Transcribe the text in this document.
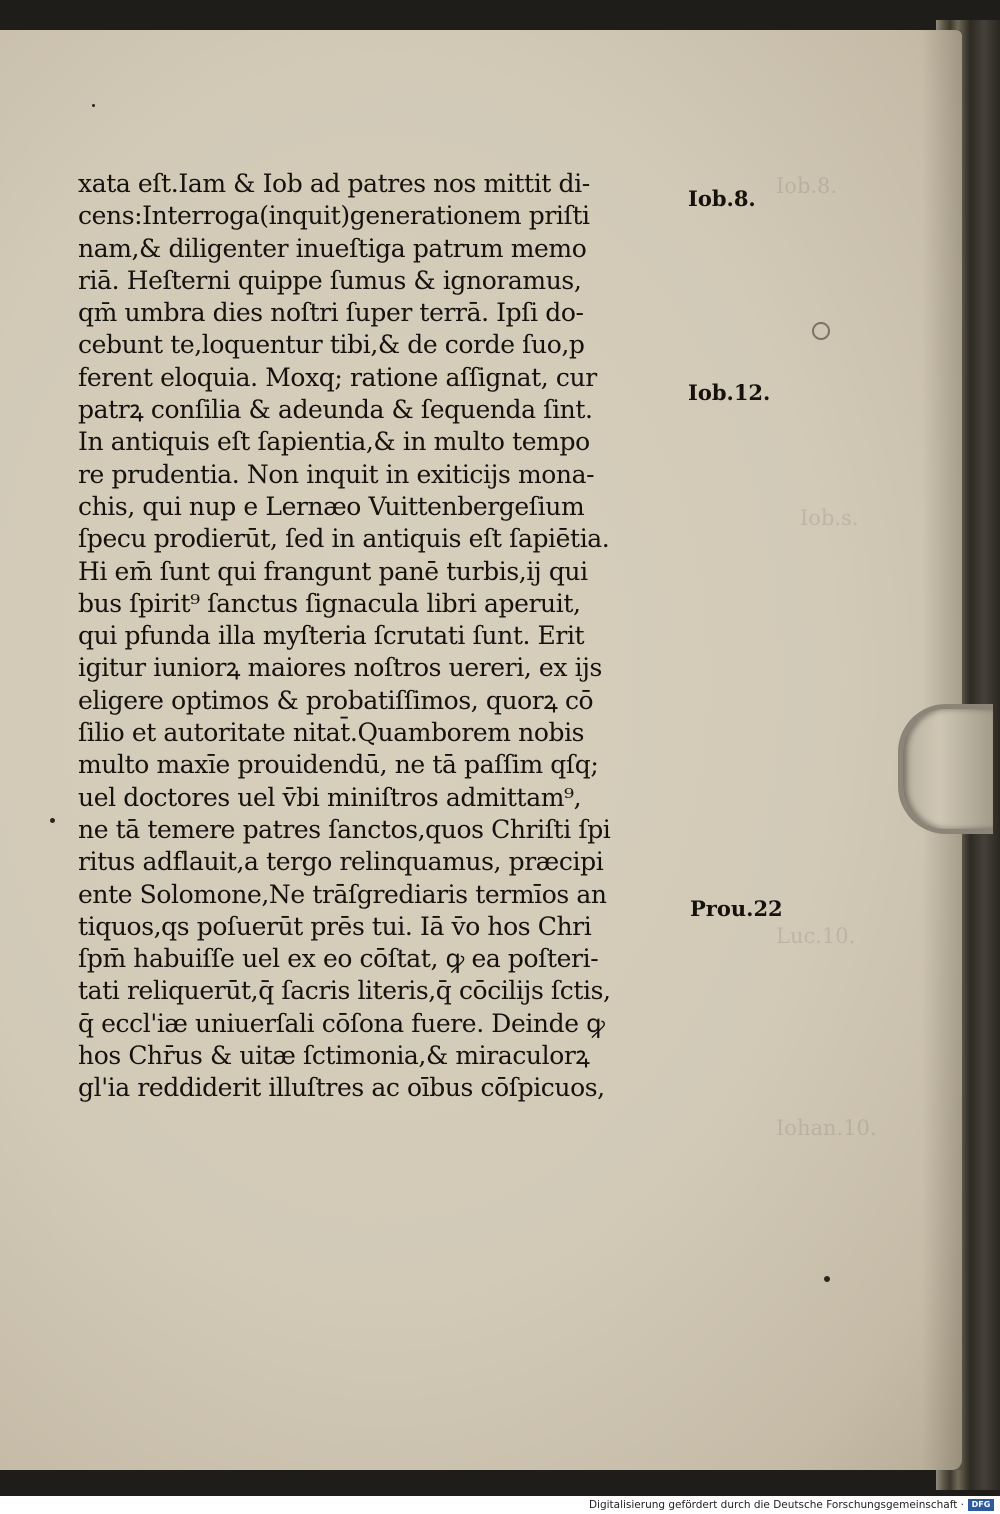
Iob.8.
Iob.s.
Luc.10.
Iohan.10.
xata eſt.Iam & Iob ad patres nos mittit di-
cens:Interroga(inquit)generationem priſti
nam,& diligenter inueſtiga patrum memo
riā. Heſterni quippe ſumus & ignoramus,
qm̄ umbra dies noſtri ſuper terrā. Ipſi do-
cebunt te,loquentur tibi,& de corde ſuo,p
ferent eloquia. Moxq; ratione aſſignat, cur
patrꝝ conſilia & adeunda & ſequenda ſint.
In antiquis eſt ſapientia,& in multo tempo
re prudentia. Non inquit in exiticijs mona-
chis, qui nup e Lernæo Vuittenbergeſium
ſpecu prodierūt, ſed in antiquis eſt ſapiētia.
Hi em̄ ſunt qui frangunt panē turbis,ij qui
bus ſpirit⁹ ſanctus ſignacula libri aperuit,
qui pfunda illa myſteria ſcrutati ſunt. Erit
igitur iuniorꝝ maiores noſtros uereri, ex ijs
eligere optimos & probatiſſimos, quorꝝ cō
ſilio et autoritate nitat̄.Quamborem nobis
multo maxīe prouidendū, ne tā paſſim qſq;
uel doctores uel v̄bi miniſtros admittam⁹,
ne tā temere patres ſanctos,quos Chriſti ſpi
ritus adflauit,a tergo relinquamus, præcipi
ente Solomone,Ne trāſgrediaris termīos an
tiquos,qs poſuerūt prēs tui. Iā v̄o hos Chri
ſpm̄ habuiſſe uel ex eo cōſtat, ꝙ ea poſteri-
tati reliquerūt,q̄ ſacris literis,q̄ cōcilijs ſctis,
q̄ eccl'iæ uniuerſali cōſona fuere. Deinde ꝙ
hos Chr̄us & uitæ ſctimonia,& miraculorꝝ
gl'ia reddiderit illuſtres ac oībus cōſpicuos,
Iob.8.
Iob.12.
Prou.22
Digitalisierung gefördert durch die Deutsche Forschungsgemeinschaft · DFG
